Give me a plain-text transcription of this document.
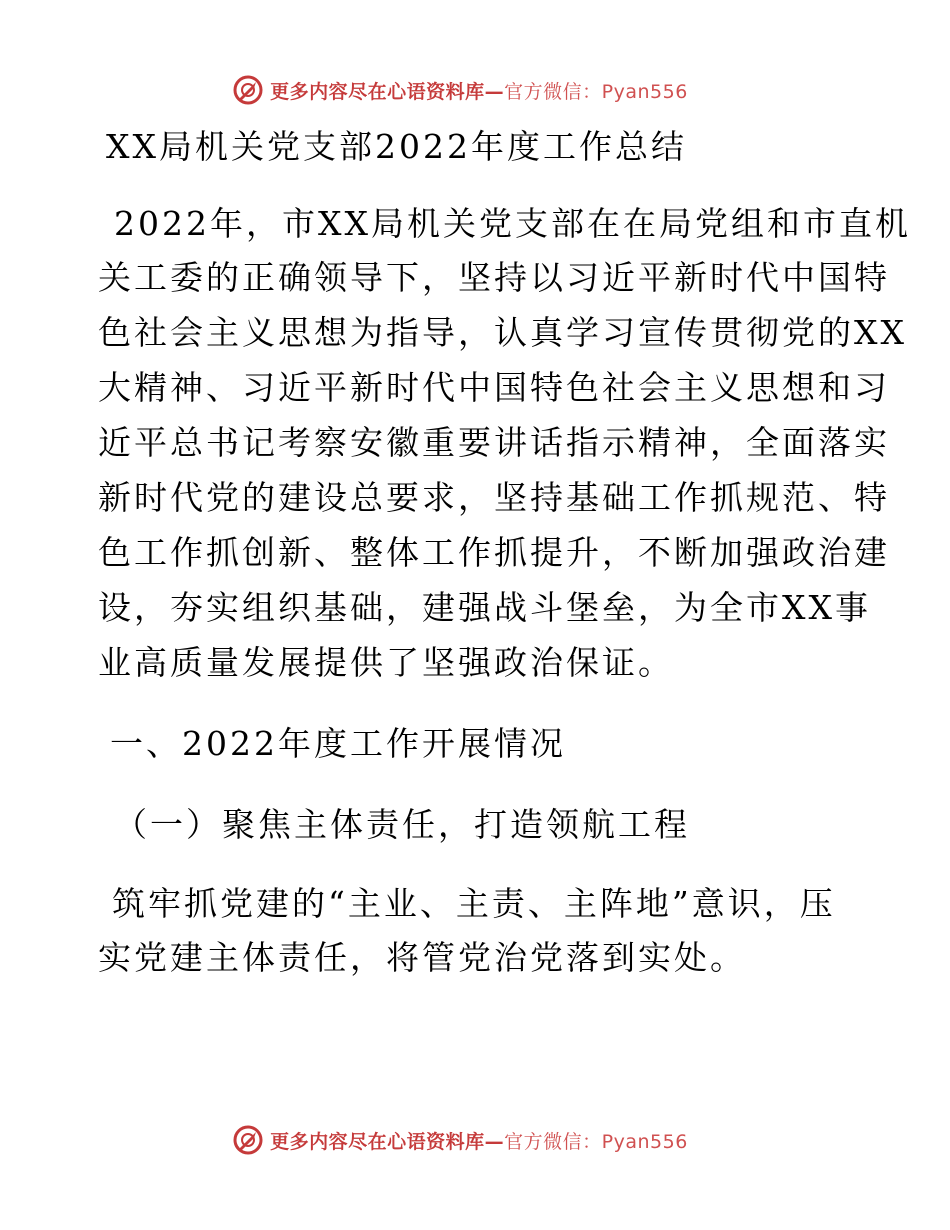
更多内容尽在心语资料库—官方微信：Pyan556
XX局机关党支部2022年度工作总结
2022年，市XX局机关党支部在在局党组和市直机
关工委的正确领导下，坚持以习近平新时代中国特
色社会主义思想为指导，认真学习宣传贯彻党的XX
大精神、习近平新时代中国特色社会主义思想和习
近平总书记考察安徽重要讲话指示精神，全面落实
新时代党的建设总要求，坚持基础工作抓规范、特
色工作抓创新、整体工作抓提升，不断加强政治建
设，夯实组织基础，建强战斗堡垒，为全市XX事
业高质量发展提供了坚强政治保证。
一、2022年度工作开展情况
（一）聚焦主体责任，打造领航工程
筑牢抓党建的“主业、主责、主阵地”意识，压
实党建主体责任，将管党治党落到实处。
更多内容尽在心语资料库—官方微信：Pyan556
